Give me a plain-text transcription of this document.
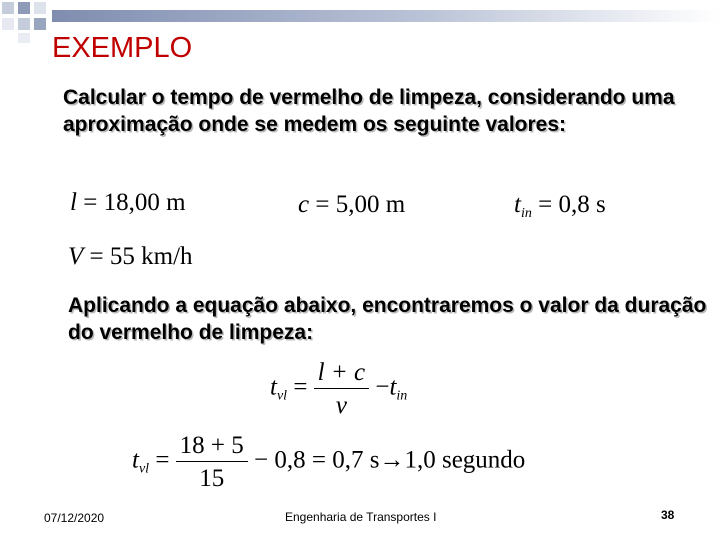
EXEMPLO

Calcular o tempo de vermelho de limpeza, considerando uma aproximação onde se medem os seguinte valores:

l = 18,00 m	c = 5,00 m	$t_{in} = 0,8$ s
V = 55 km/h

Aplicando a equação abaixo, encontraremos o valor da duração do vermelho de limpeza:

$t_{vl} = \frac{l + c}{v} -t_{in}$
$t_{vl} = \frac{18 + 5}{15} - 0,8 = 0,7$ s→1,0 segundo
07/12/2020	Engenharia de Transportes I	38
